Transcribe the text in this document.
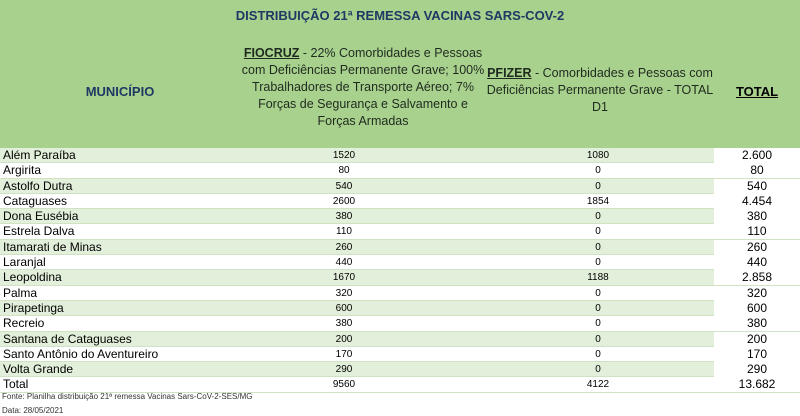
DISTRIBUIÇÃO 21ª REMESSA VACINAS SARS-COV-2
MUNICÍPIO
FIOCRUZ - 22% Comorbidades e Pessoas com Deficiências Permanente Grave; 100% Trabalhadores de Transporte Aéreo; 7% Forças de Segurança e Salvamento e Forças Armadas
PFIZER - Comorbidades e Pessoas com Deficiências Permanente Grave - TOTAL D1
TOTAL
Além Paraíba	1520	1080	2.600
Argirita	80	0	80
Astolfo Dutra	540	0	540
Cataguases	2600	1854	4.454
Dona Eusébia	380	0	380
Estrela Dalva	110	0	110
Itamarati de Minas	260	0	260
Laranjal	440	0	440
Leopoldina	1670	1188	2.858
Palma	320	0	320
Pirapetinga	600	0	600
Recreio	380	0	380
Santana de Cataguases	200	0	200
Santo Antônio do Aventureiro	170	0	170
Volta Grande	290	0	290
Total	9560	4122	13.682
Fonte: Planilha distribuição 21ª remessa Vacinas Sars-CoV-2-SES/MG
Data: 28/05/2021
